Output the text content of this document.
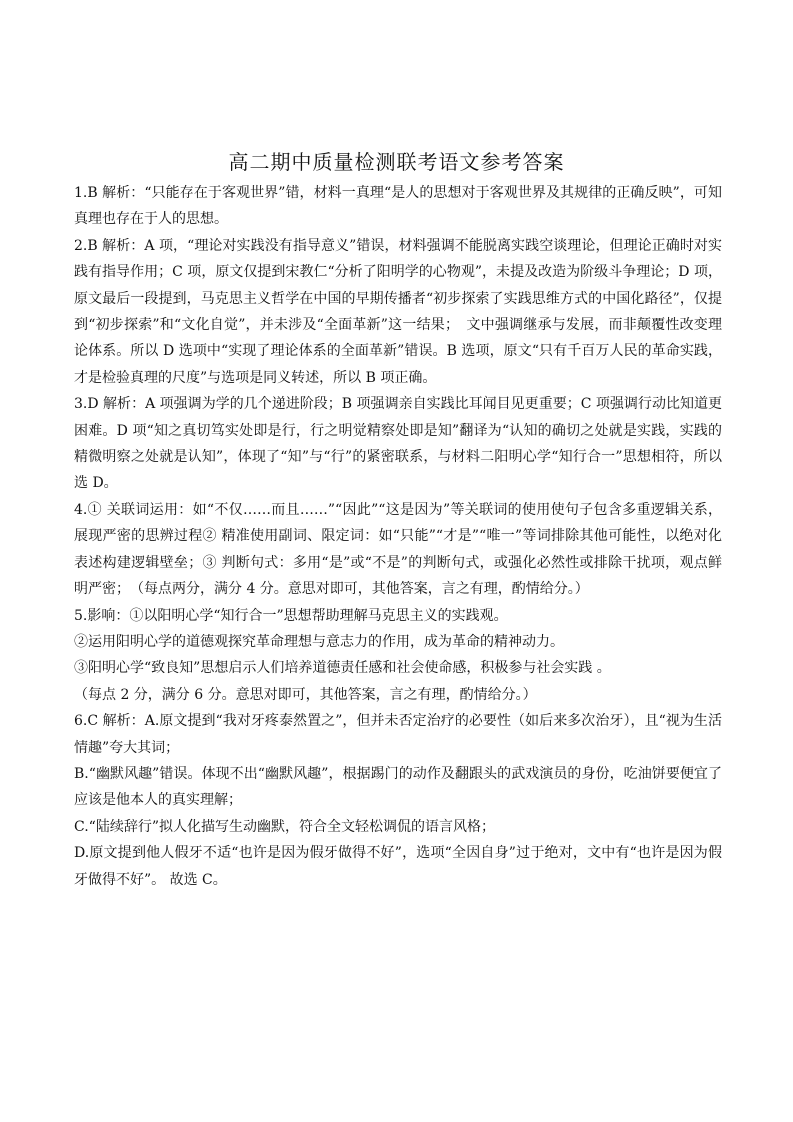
高二期中质量检测联考语文参考答案

1.B 解析：“只能存在于客观世界”错，材料一真理“是人的思想对于客观世界及其规律的正确反映”，可知真理也存在于人的思想。

2.B 解析：A 项，“理论对实践没有指导意义”错误，材料强调不能脱离实践空谈理论，但理论正确时对实践有指导作用；C 项，原文仅提到宋教仁“分析了阳明学的心物观”，未提及改造为阶级斗争理论；D 项，原文最后一段提到，马克思主义哲学在中国的早期传播者“初步探索了实践思维方式的中国化路径”，仅提到“初步探索”和“文化自觉”，并未涉及“全面革新”这一结果；　文中强调继承与发展，而非颠覆性改变理论体系。所以 D 选项中“实现了理论体系的全面革新”错误。B 选项，原文“只有千百万人民的革命实践，才是检验真理的尺度”与选项是同义转述，所以 B 项正确。

3.D 解析：A 项强调为学的几个递进阶段；B 项强调亲自实践比耳闻目见更重要；C 项强调行动比知道更困难。D 项“知之真切笃实处即是行，行之明觉精察处即是知”翻译为“认知的确切之处就是实践，实践的精微明察之处就是认知”，体现了“知”与“行”的紧密联系，与材料二阳明心学“知行合一”思想相符，所以选 D。

4.① 关联词运用：如“不仅……而且……”“因此”“这是因为”等关联词的使用使句子包含多重逻辑关系，展现严密的思辨过程② 精准使用副词、限定词：如“只能”“才是”“唯一”等词排除其他可能性，以绝对化表述构建逻辑壁垒；③ 判断句式：多用“是”或“不是”的判断句式，或强化必然性或排除干扰项，观点鲜明严密；　（每点两分，满分 4 分。意思对即可，其他答案，言之有理，酌情给分。）

5.影响：①以阳明心学“知行合一”思想帮助理解马克思主义的实践观。

②运用阳明心学的道德观探究革命理想与意志力的作用，成为革命的精神动力。

③阳明心学“致良知”思想启示人们培养道德责任感和社会使命感，积极参与社会实践 。

（每点 2 分，满分 6 分。意思对即可，其他答案，言之有理，酌情给分。）

6.C 解析：A.原文提到“我对牙疼泰然置之”，但并未否定治疗的必要性（如后来多次治牙），且“视为生活情趣”夸大其词；

B.“幽默风趣”错误。体现不出“幽默风趣”，根据踢门的动作及翻跟头的武戏演员的身份，吃油饼要便宜了应该是他本人的真实理解；

C.“陆续辞行”拟人化描写生动幽默，符合全文轻松调侃的语言风格；

D.原文提到他人假牙不适“也许是因为假牙做得不好”，选项“全因自身”过于绝对，文中有“也许是因为假牙做得不好”。 故选 C。
